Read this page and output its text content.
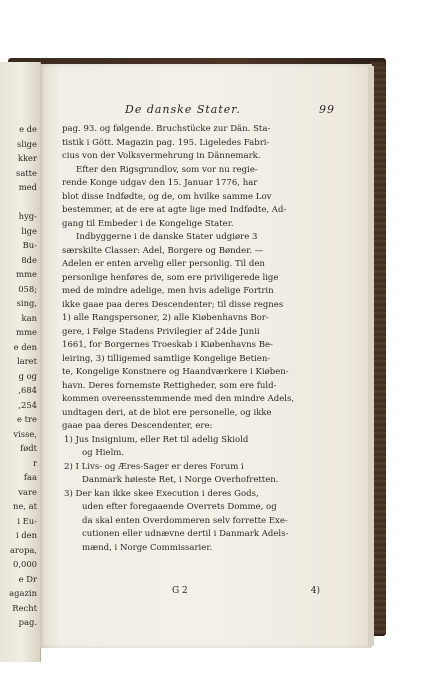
e de
slige
kker
satte
med
hyg-
lige
Bu-
8de
mme
058;
sing,
kan
mme
e den
laret
g og
,684
,254
e tre
visse,
født
r
faa
vare
ne, at
i Eu-
i den
aropa,
0,000
e Dr
agazin
Recht
pag.
De danske Stater.	99
pag. 93. og følgende. Bruchstücke zur Dän. Sta-
tistik i Gött. Magazin pag. 195. Ligeledes Fabri-
cius von der Volksvermehrung in Dännemark.
Efter den Rigsgrundlov, som vor nu regie-
rende Konge udgav den 15. Januar 1776, har
blot disse Indfødte, og de, om hvilke samme Lov
bestemmer, at de ere at agte lige med Indfødte, Ad-
gang til Embeder i de Kongelige Stater.
Indbyggerne i de danske Stater udgiøre 3
særskilte Classer: Adel, Borgere og Bønder. —
Adelen er enten arvelig eller personlig. Til den
personlige henføres de, som ere priviligerede lige
med de mindre adelige, men hvis adelige Fortrin
ikke gaae paa deres Descendenter; til disse regnes
1) alle Rangspersoner, 2) alle Kiøbenhavns Bor-
gere, i Følge Stadens Privilegier af 24de Junii
1661, for Borgernes Troeskab i Kiøbenhavns Be-
leiring, 3) tilligemed samtlige Kongelige Betien-
te, Kongelige Konstnere og Haandværkere i Kiøben-
havn. Deres fornemste Rettigheder, som ere fuld-
kommen overeensstemmende med den mindre Adels,
undtagen deri, at de blot ere personelle, og ikke
gaae paa deres Descendenter, ere:
1) Jus Insignium, eller Ret til adelig Skiold
og Hielm.
2) I Livs- og Æres-Sager er deres Forum i
Danmark høieste Ret, i Norge Overhofretten.
3) Der kan ikke skee Execution i deres Gods,
uden efter foregaaende Overrets Domme, og
da skal enten Overdommeren selv forrette Exe-
cutionen eller udnævne dertil i Danmark Adels-
mænd, i Norge Commissarier.
G 2	4)
